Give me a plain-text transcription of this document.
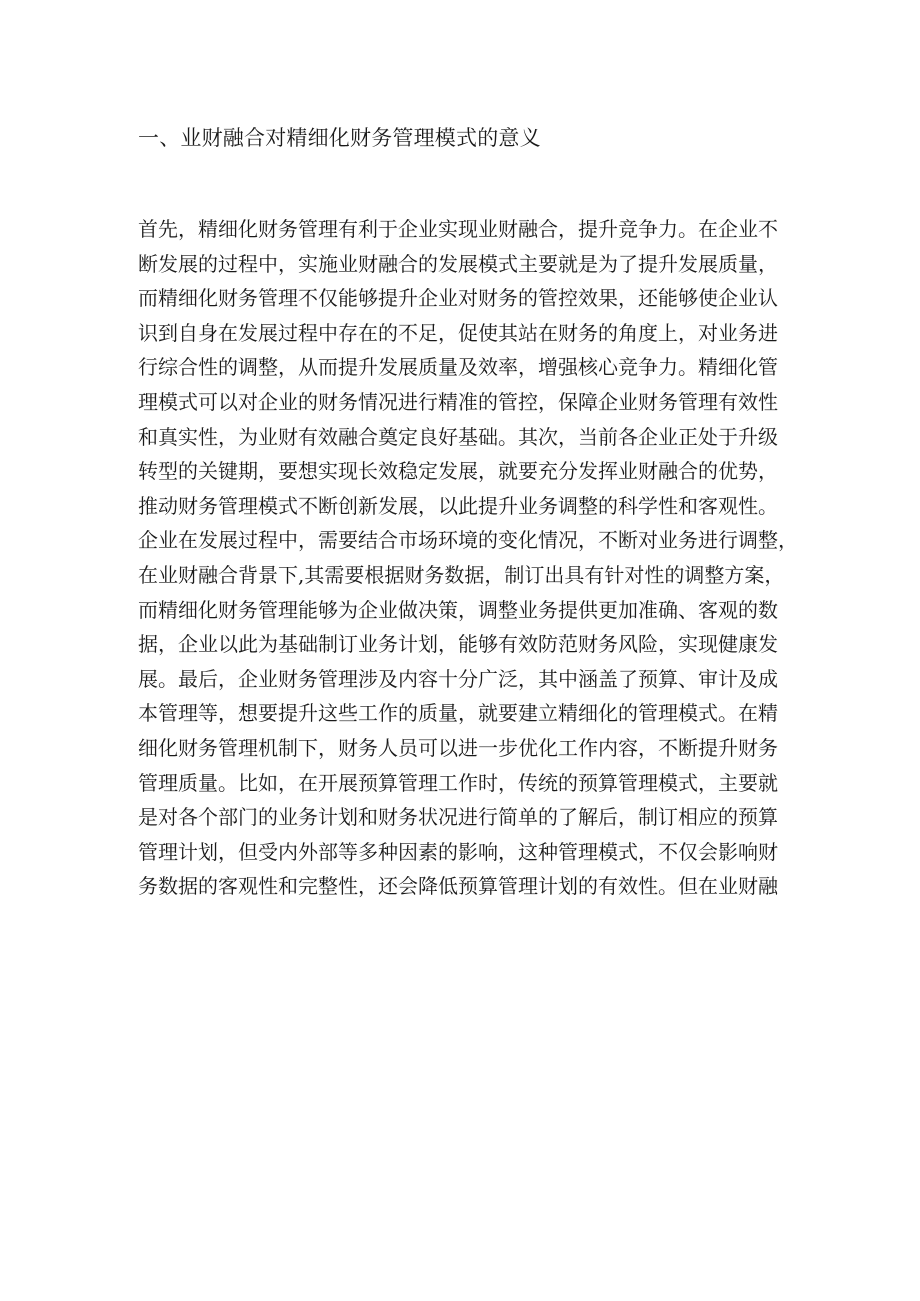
一、业财融合对精细化财务管理模式的意义
首先，精细化财务管理有利于企业实现业财融合，提升竞争力。在企业不
断发展的过程中，实施业财融合的发展模式主要就是为了提升发展质量，
而精细化财务管理不仅能够提升企业对财务的管控效果，还能够使企业认
识到自身在发展过程中存在的不足，促使其站在财务的角度上，对业务进
行综合性的调整，从而提升发展质量及效率，增强核心竞争力。精细化管
理模式可以对企业的财务情况进行精准的管控，保障企业财务管理有效性
和真实性，为业财有效融合奠定良好基础。其次，当前各企业正处于升级
转型的关键期，要想实现长效稳定发展，就要充分发挥业财融合的优势，
推动财务管理模式不断创新发展，以此提升业务调整的科学性和客观性。
企业在发展过程中，需要结合市场环境的变化情况，不断对业务进行调整，
在业财融合背景下,其需要根据财务数据，制订出具有针对性的调整方案，
而精细化财务管理能够为企业做决策，调整业务提供更加准确、客观的数
据，企业以此为基础制订业务计划，能够有效防范财务风险，实现健康发
展。最后，企业财务管理涉及内容十分广泛，其中涵盖了预算、审计及成
本管理等，想要提升这些工作的质量，就要建立精细化的管理模式。在精
细化财务管理机制下，财务人员可以进一步优化工作内容，不断提升财务
管理质量。比如，在开展预算管理工作时，传统的预算管理模式，主要就
是对各个部门的业务计划和财务状况进行简单的了解后，制订相应的预算
管理计划，但受内外部等多种因素的影响，这种管理模式，不仅会影响财
务数据的客观性和完整性，还会降低预算管理计划的有效性。但在业财融
